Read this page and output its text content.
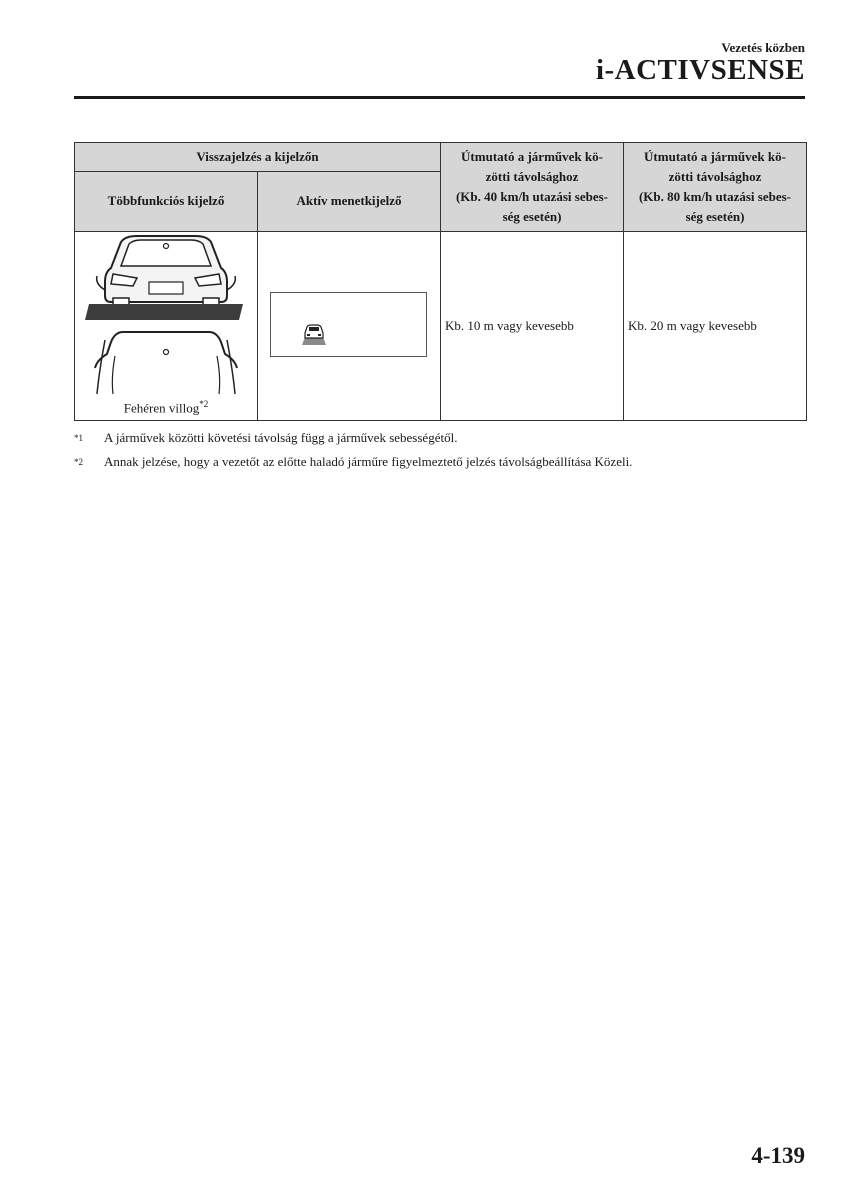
Vezetés közben
i-ACTIVSENSE
Visszajelzés a kijelzőn		Útmutató a járművek kö-
zötti távolsághoz
(Kb. 40 km/h utazási sebes-
ség esetén)	Útmutató a járművek kö-
zötti távolsághoz
(Kb. 80 km/h utazási sebes-
ség esetén)
Többfunkciós kijelző	Aktív menetkijelző		

Fehéren villog$^{*2}$		Kb. 10 m vagy kevesebb	Kb. 20 m vagy kevesebb
$^{*1}$	A járművek közötti követési távolság függ a járművek sebességétől.
$^{*2}$	Annak jelzése, hogy a vezetőt az előtte haladó járműre figyelmeztető jelzés távolságbeállítása Közeli.
4-139
